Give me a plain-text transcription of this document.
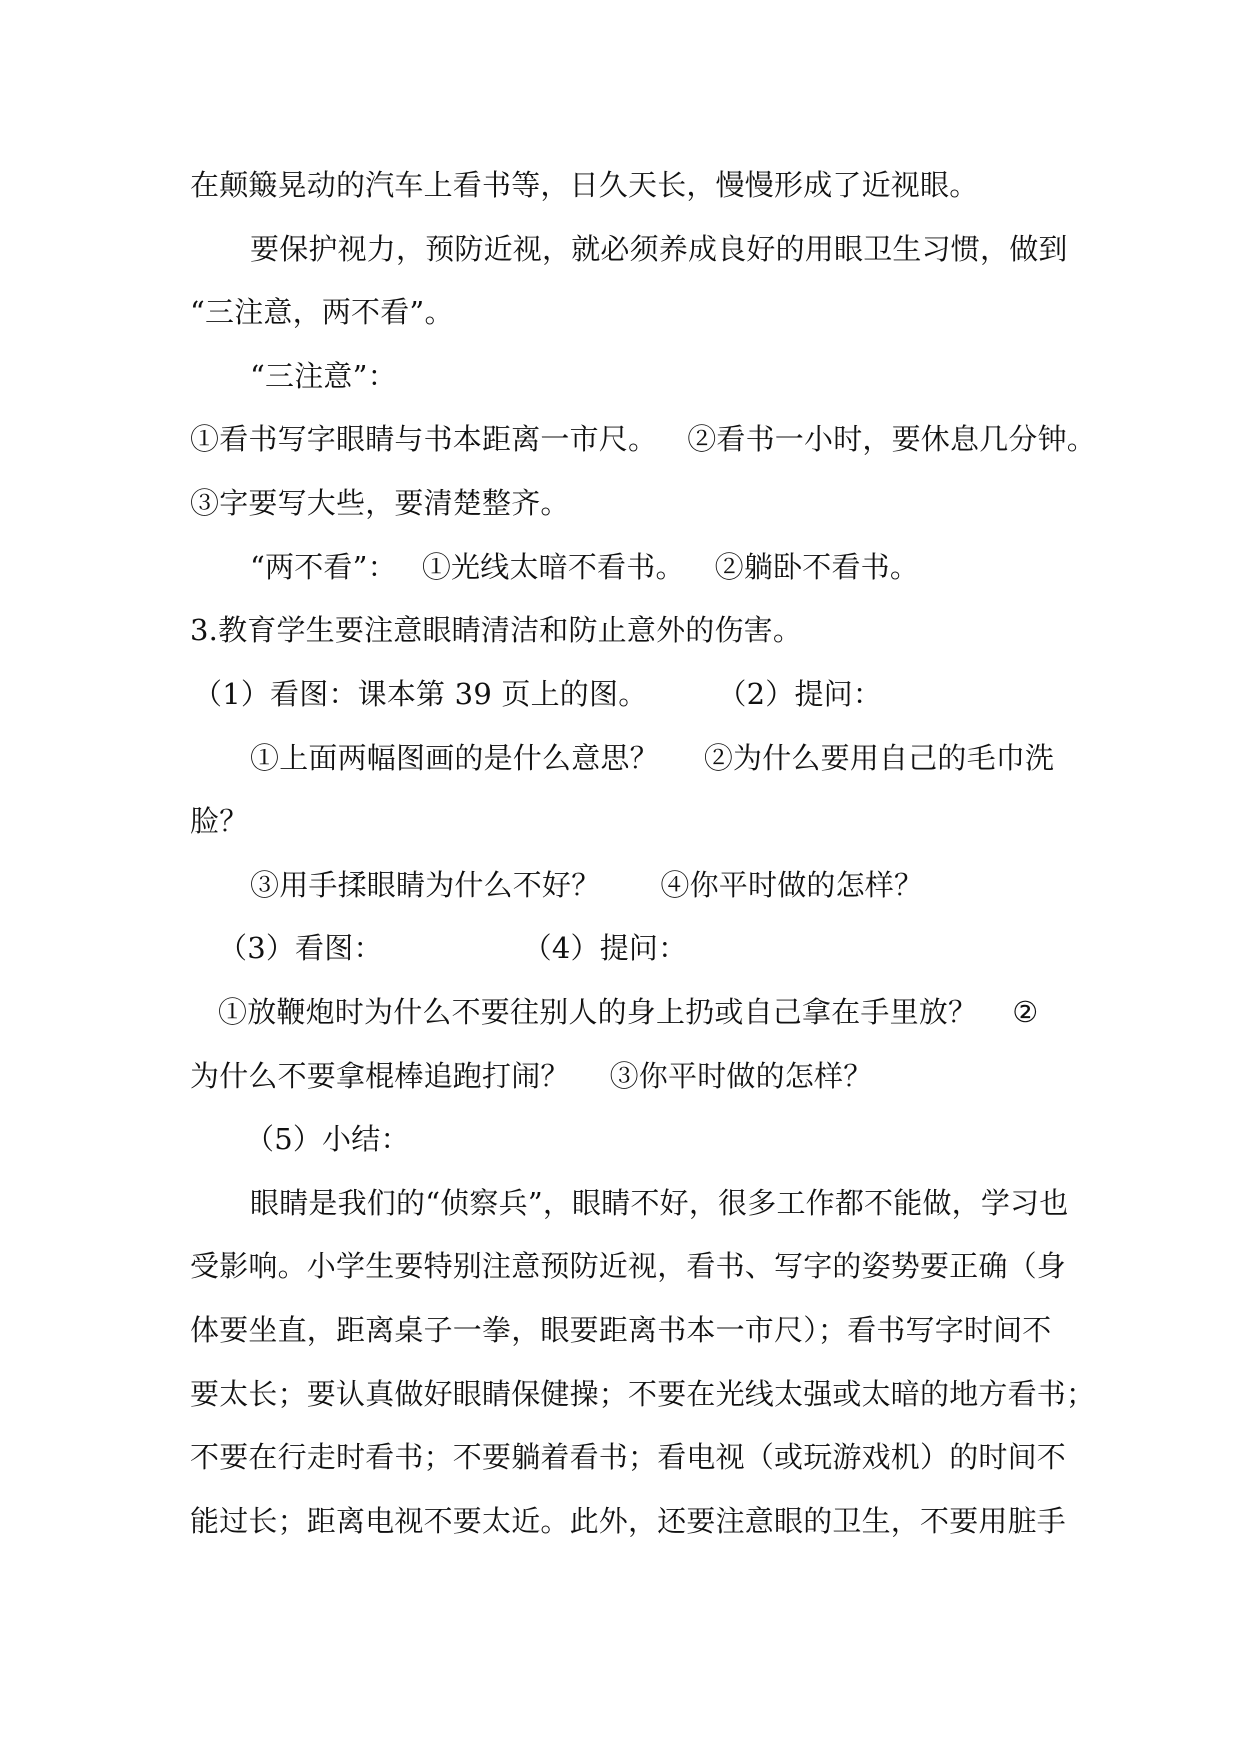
在颠簸晃动的汽车上看书等，日久天长，慢慢形成了近视眼。
要保护视力，预防近视，就必须养成良好的用眼卫生习惯，做到
“三注意，两不看”。
“三注意”：
①看书写字眼睛与书本距离一市尺。 ②看书一小时，要休息几分钟。
③字要写大些，要清楚整齐。
“两不看”： ①光线太暗不看书。 ②躺卧不看书。
3.教育学生要注意眼睛清洁和防止意外的伤害。
（1）看图：课本第 39 页上的图。 （2）提问：
①上面两幅图画的是什么意思？ ②为什么要用自己的毛巾洗
脸？
③用手揉眼睛为什么不好？ ④你平时做的怎样？
（3）看图：	（4）提问：
①放鞭炮时为什么不要往别人的身上扔或自己拿在手里放？ ②
为什么不要拿棍棒追跑打闹？ ③你平时做的怎样？
（5）小结：
眼睛是我们的“侦察兵”，眼睛不好，很多工作都不能做，学习也
受影响。小学生要特别注意预防近视，看书、写字的姿势要正确（身
体要坐直，距离桌子一拳，眼要距离书本一市尺）；看书写字时间不
要太长；要认真做好眼睛保健操；不要在光线太强或太暗的地方看书；
不要在行走时看书；不要躺着看书；看电视（或玩游戏机）的时间不
能过长；距离电视不要太近。此外，还要注意眼的卫生，不要用脏手
